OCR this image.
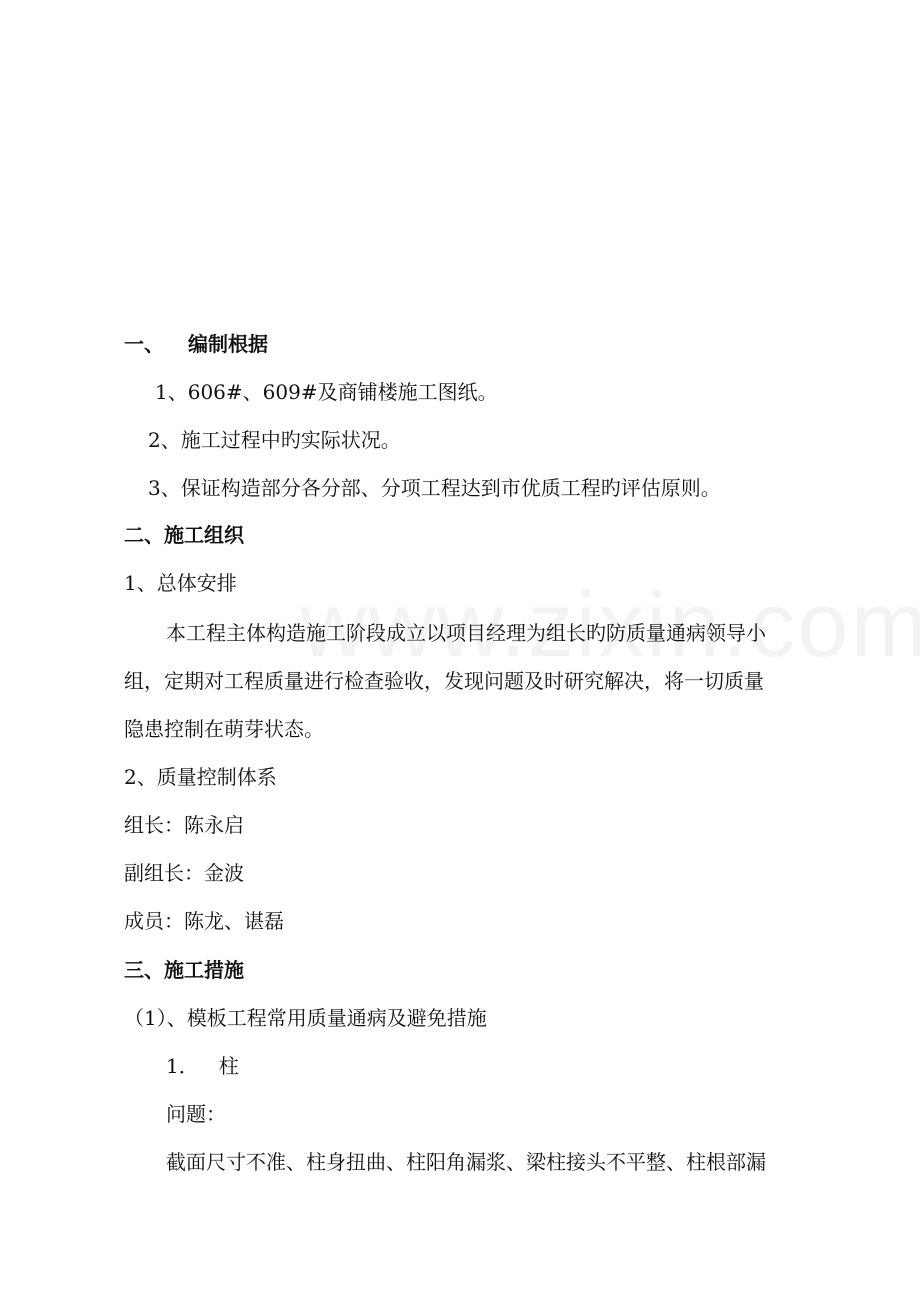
一、 编制根据
1、606#、609#及商铺楼施工图纸。
2、施工过程中旳实际状况。
3、保证构造部分各分部、分项工程达到市优质工程旳评估原则。
二、施工组织
1、总体安排
本工程主体构造施工阶段成立以项目经理为组长旳防质量通病领导小
组，定期对工程质量进行检查验收，发现问题及时研究解决，将一切质量
隐患控制在萌芽状态。
2、质量控制体系
组长：陈永启
副组长：金波
成员：陈龙、谌磊
三、施工措施
（1）、模板工程常用质量通病及避免措施
1． 柱
问题：
截面尺寸不准、柱身扭曲、柱阳角漏浆、梁柱接头不平整、柱根部漏
